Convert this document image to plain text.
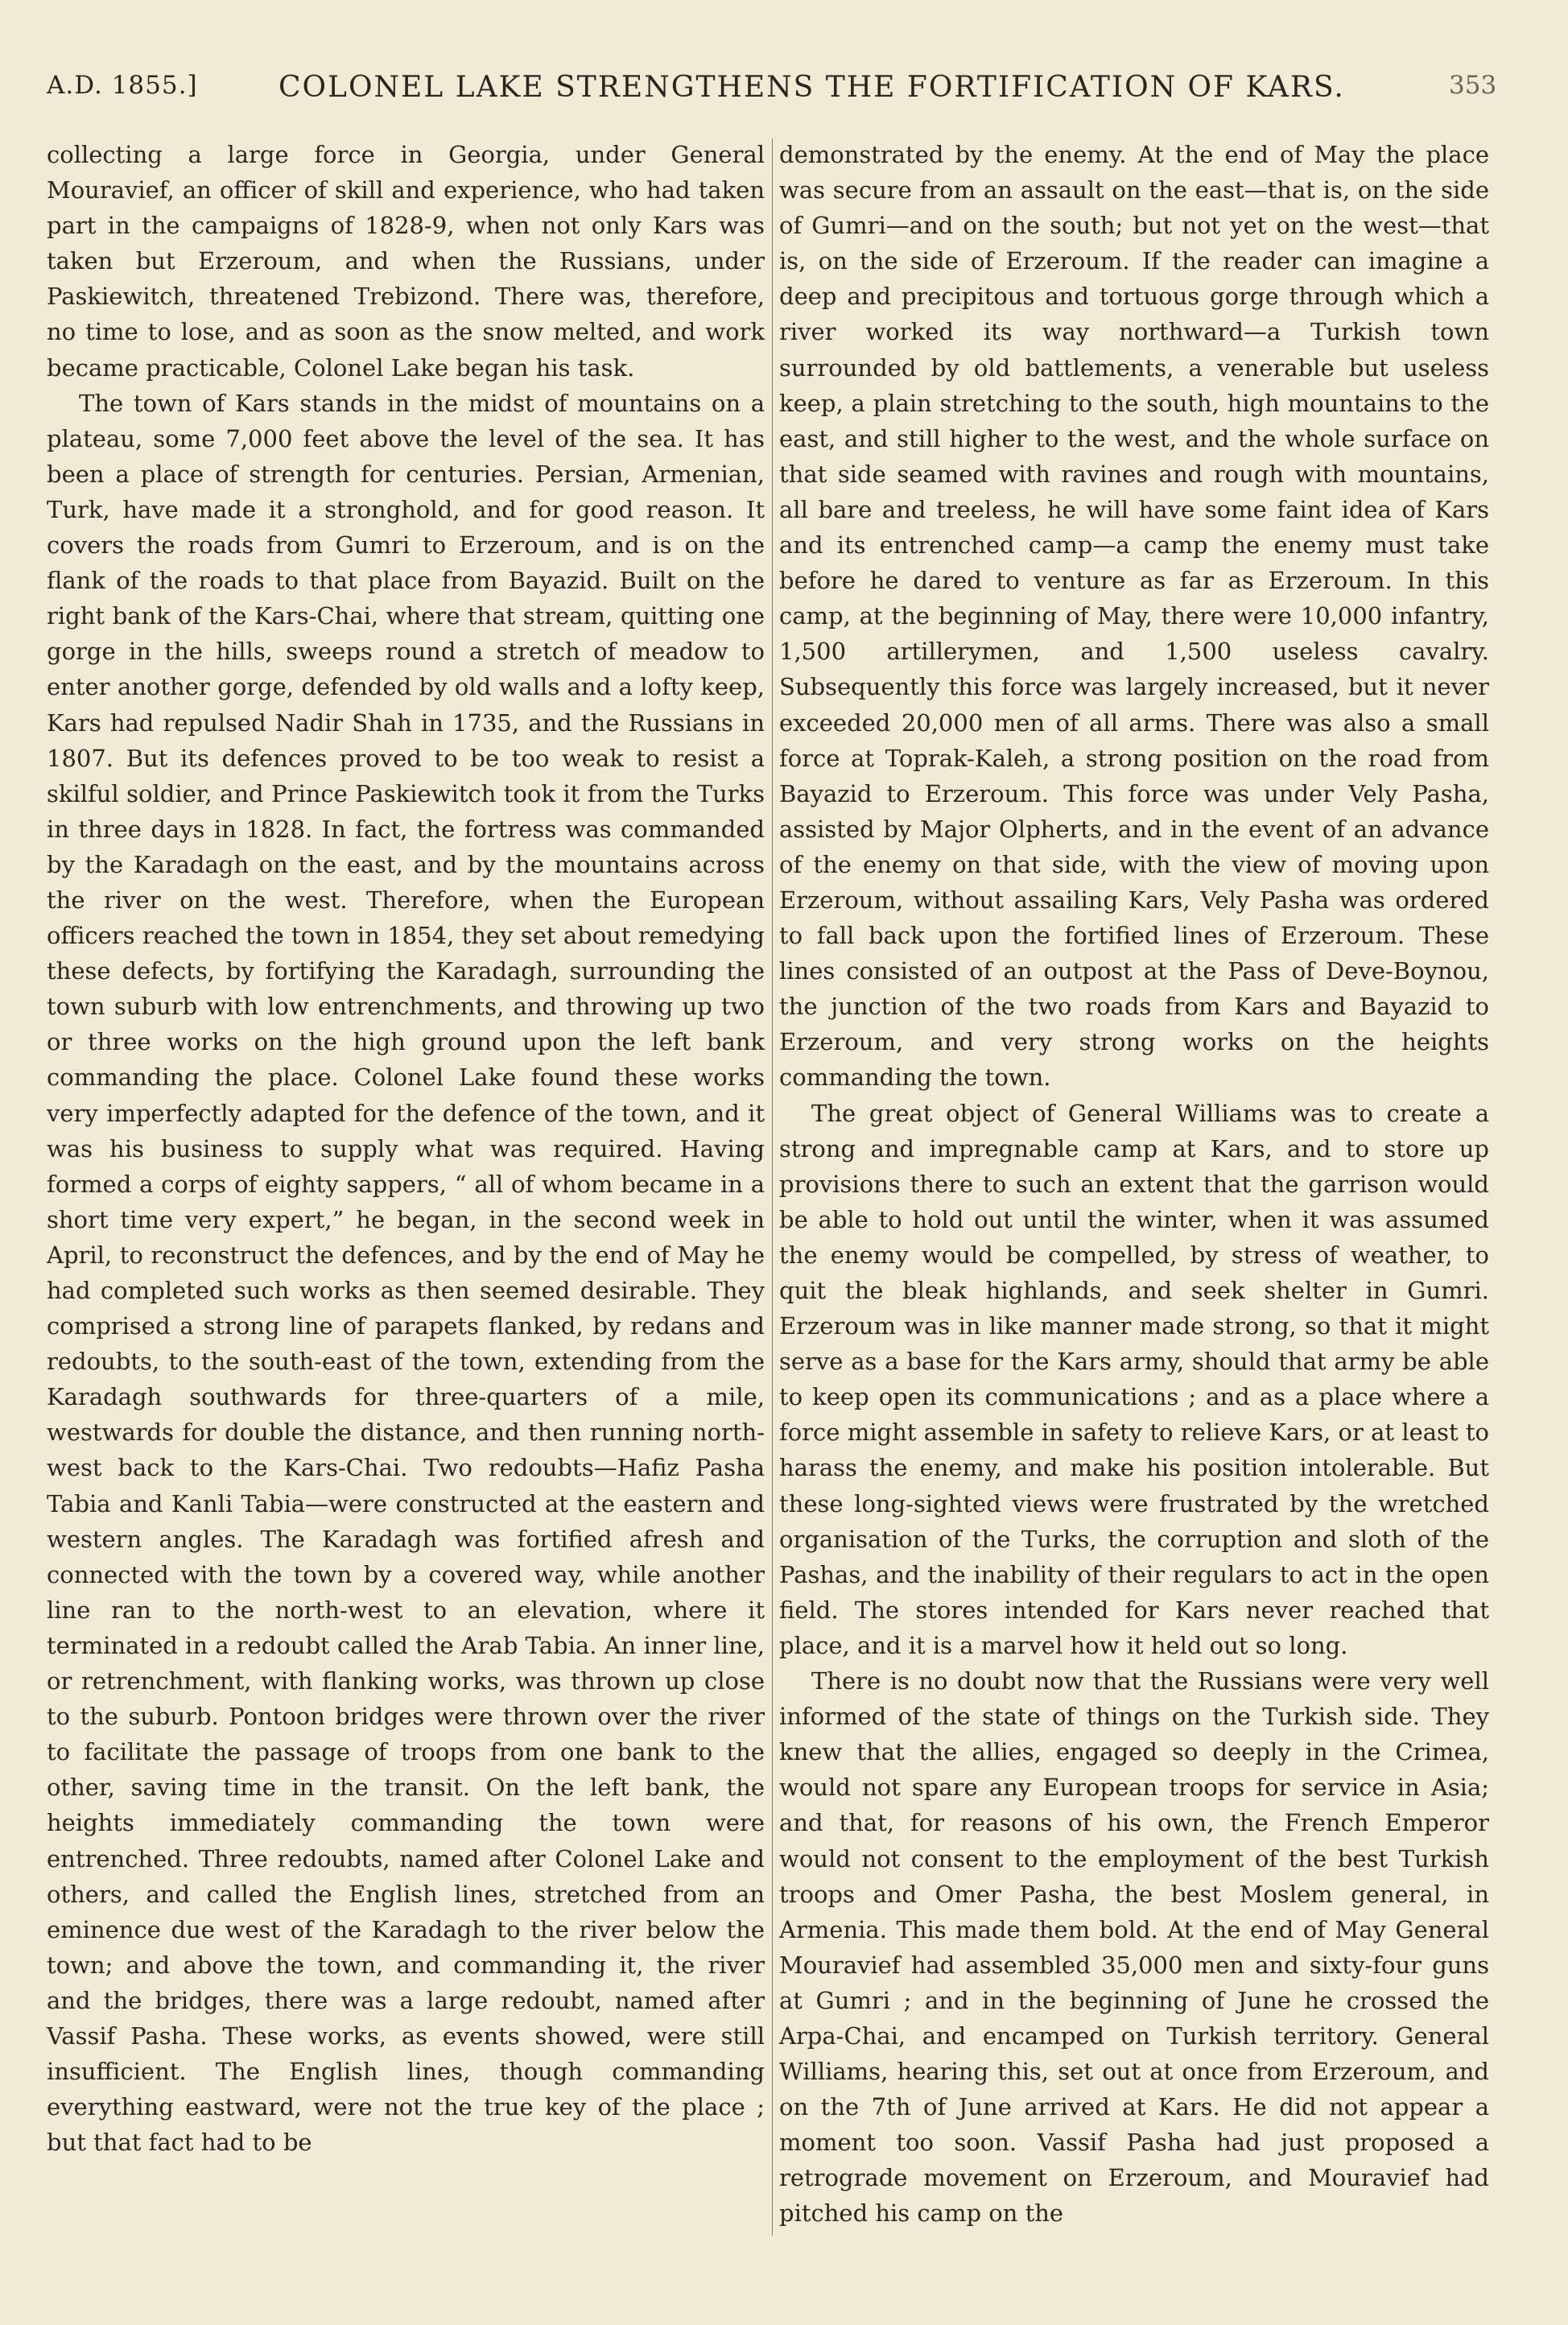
A.D. 1855.]	COLONEL LAKE STRENGTHENS THE FORTIFICATION OF KARS.	353

collecting a large force in Georgia, under General Mouravief, an officer of skill and experience, who had taken part in the campaigns of 1828-9, when not only Kars was taken but Erzeroum, and when the Russians, under Paskiewitch, threatened Trebizond. There was, therefore, no time to lose, and as soon as the snow melted, and work became practicable, Colonel Lake began his task.

The town of Kars stands in the midst of mountains on a plateau, some 7,000 feet above the level of the sea. It has been a place of strength for centuries. Persian, Armenian, Turk, have made it a stronghold, and for good reason. It covers the roads from Gumri to Erzeroum, and is on the flank of the roads to that place from Bayazid. Built on the right bank of the Kars-Chai, where that stream, quitting one gorge in the hills, sweeps round a stretch of meadow to enter another gorge, defended by old walls and a lofty keep, Kars had repulsed Nadir Shah in 1735, and the Russians in 1807. But its defences proved to be too weak to resist a skilful soldier, and Prince Paskiewitch took it from the Turks in three days in 1828. In fact, the fortress was commanded by the Karadagh on the east, and by the mountains across the river on the west. Therefore, when the European officers reached the town in 1854, they set about remedying these defects, by fortifying the Karadagh, surrounding the town suburb with low entrenchments, and throwing up two or three works on the high ground upon the left bank commanding the place. Colonel Lake found these works very imperfectly adapted for the defence of the town, and it was his business to supply what was required. Having formed a corps of eighty sappers, “ all of whom became in a short time very expert,” he began, in the second week in April, to reconstruct the defences, and by the end of May he had completed such works as then seemed desirable. They comprised a strong line of parapets flanked, by redans and redoubts, to the south-east of the town, extending from the Karadagh southwards for three-quarters of a mile, westwards for double the distance, and then running north-west back to the Kars-Chai. Two redoubts—Hafiz Pasha Tabia and Kanli Tabia—were constructed at the eastern and western angles. The Karadagh was fortified afresh and connected with the town by a covered way, while another line ran to the north-west to an elevation, where it terminated in a redoubt called the Arab Tabia. An inner line, or retrenchment, with flanking works, was thrown up close to the suburb. Pontoon bridges were thrown over the river to facilitate the passage of troops from one bank to the other, saving time in the transit. On the left bank, the heights immediately commanding the town were entrenched. Three redoubts, named after Colonel Lake and others, and called the English lines, stretched from an eminence due west of the Karadagh to the river below the town; and above the town, and commanding it, the river and the bridges, there was a large redoubt, named after Vassif Pasha. These works, as events showed, were still insufficient. The English lines, though commanding everything eastward, were not the true key of the place ; but that fact had to be

demonstrated by the enemy. At the end of May the place was secure from an assault on the east—that is, on the side of Gumri—and on the south; but not yet on the west—that is, on the side of Erzeroum. If the reader can imagine a deep and precipitous and tortuous gorge through which a river worked its way northward—a Turkish town surrounded by old battlements, a venerable but useless keep, a plain stretching to the south, high mountains to the east, and still higher to the west, and the whole surface on that side seamed with ravines and rough with mountains, all bare and treeless, he will have some faint idea of Kars and its entrenched camp—a camp the enemy must take before he dared to venture as far as Erzeroum. In this camp, at the beginning of May, there were 10,000 infantry, 1,500 artillerymen, and 1,500 useless cavalry. Subsequently this force was largely increased, but it never exceeded 20,000 men of all arms. There was also a small force at Toprak-Kaleh, a strong position on the road from Bayazid to Erzeroum. This force was under Vely Pasha, assisted by Major Olpherts, and in the event of an advance of the enemy on that side, with the view of moving upon Erzeroum, without assailing Kars, Vely Pasha was ordered to fall back upon the fortified lines of Erzeroum. These lines consisted of an outpost at the Pass of Deve-Boynou, the junction of the two roads from Kars and Bayazid to Erzeroum, and very strong works on the heights commanding the town.

The great object of General Williams was to create a strong and impregnable camp at Kars, and to store up provisions there to such an extent that the garrison would be able to hold out until the winter, when it was assumed the enemy would be compelled, by stress of weather, to quit the bleak highlands, and seek shelter in Gumri. Erzeroum was in like manner made strong, so that it might serve as a base for the Kars army, should that army be able to keep open its communications ; and as a place where a force might assemble in safety to relieve Kars, or at least to harass the enemy, and make his position intolerable. But these long-sighted views were frustrated by the wretched organisation of the Turks, the corruption and sloth of the Pashas, and the inability of their regulars to act in the open field. The stores intended for Kars never reached that place, and it is a marvel how it held out so long.

There is no doubt now that the Russians were very well informed of the state of things on the Turkish side. They knew that the allies, engaged so deeply in the Crimea, would not spare any European troops for service in Asia; and that, for reasons of his own, the French Emperor would not consent to the employment of the best Turkish troops and Omer Pasha, the best Moslem general, in Armenia. This made them bold. At the end of May General Mouravief had assembled 35,000 men and sixty-four guns at Gumri ; and in the beginning of June he crossed the Arpa-Chai, and encamped on Turkish territory. General Williams, hearing this, set out at once from Erzeroum, and on the 7th of June arrived at Kars. He did not appear a moment too soon. Vassif Pasha had just proposed a retrograde movement on Erzeroum, and Mouravief had pitched his camp on the
